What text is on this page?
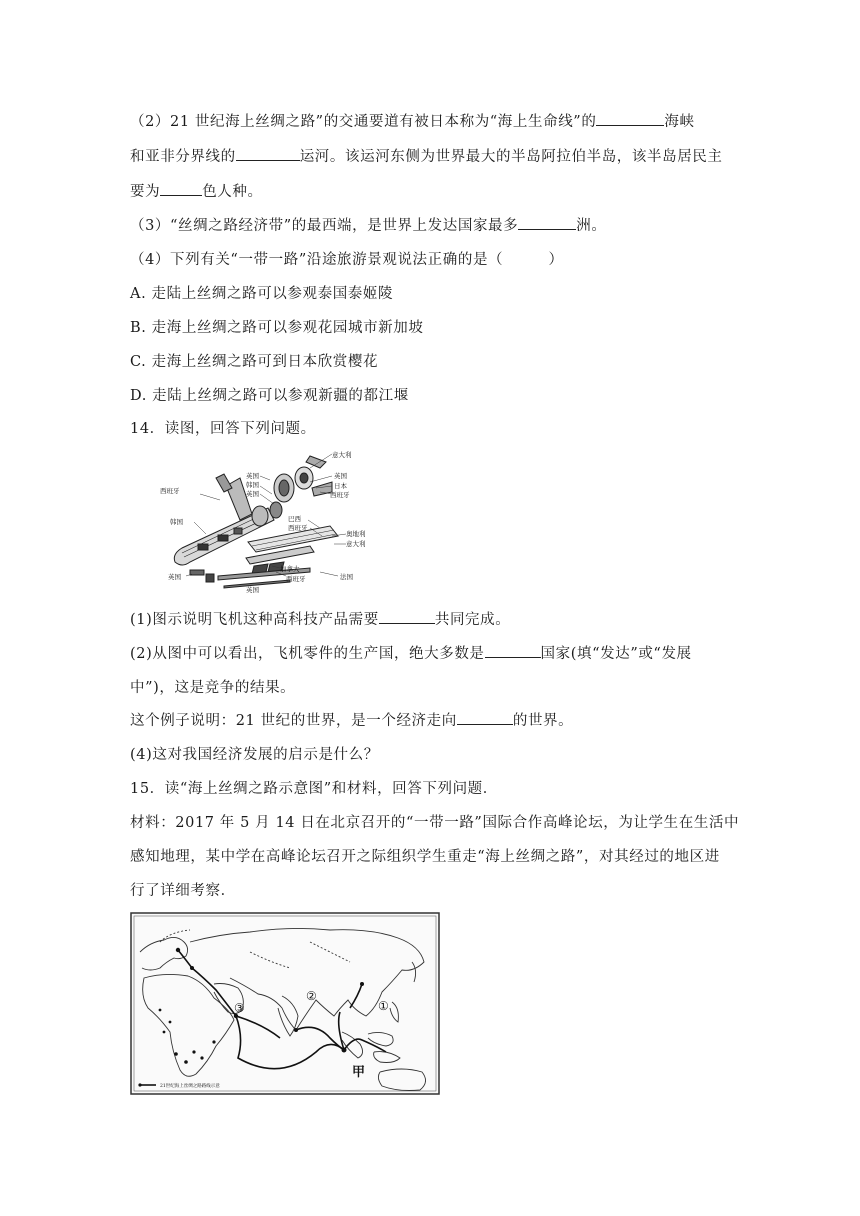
（2）21 世纪海上丝绸之路”的交通要道有被日本称为“海上生命线”的	海峡
和亚非分界线的	运河。该运河东侧为世界最大的半岛阿拉伯半岛，该半岛居民主
要为	色人种。
（3）“丝绸之路经济带”的最西端，是世界上发达国家最多	洲。
（4）下列有关“一带一路”沿途旅游景观说法正确的是（　　　）
A. 走陆上丝绸之路可以参观泰国泰姬陵
B. 走海上丝绸之路可以参观花园城市新加坡
C. 走海上丝绸之路可到日本欣赏樱花
D. 走陆上丝绸之路可以参观新疆的都江堰
14．读图，回答下列问题。
意大利
英国
日本
西班牙
英国
韩国
英国
西班牙
韩国	巴西
西班牙
奥地利
意大利
加拿大
法国
英国	西班牙
英国
(1)图示说明飞机这种高科技产品需要	共同完成。
(2)从图中可以看出，飞机零件的生产国，绝大多数是	国家(填“发达”或“发展
中”)，这是竞争的结果。
这个例子说明：21 世纪的世界，是一个经济走向	的世界。
(4)这对我国经济发展的启示是什么？
15．读“海上丝绸之路示意图”和材料，回答下列问题．
材料：2017 年 5 月 14 日在北京召开的“一带一路”国际合作高峰论坛，为让学生在生活中
感知地理，某中学在高峰论坛召开之际组织学生重走“海上丝绸之路”，对其经过的地区进
行了详细考察．
③
②
①
甲
21世纪海上丝绸之路路线示意
